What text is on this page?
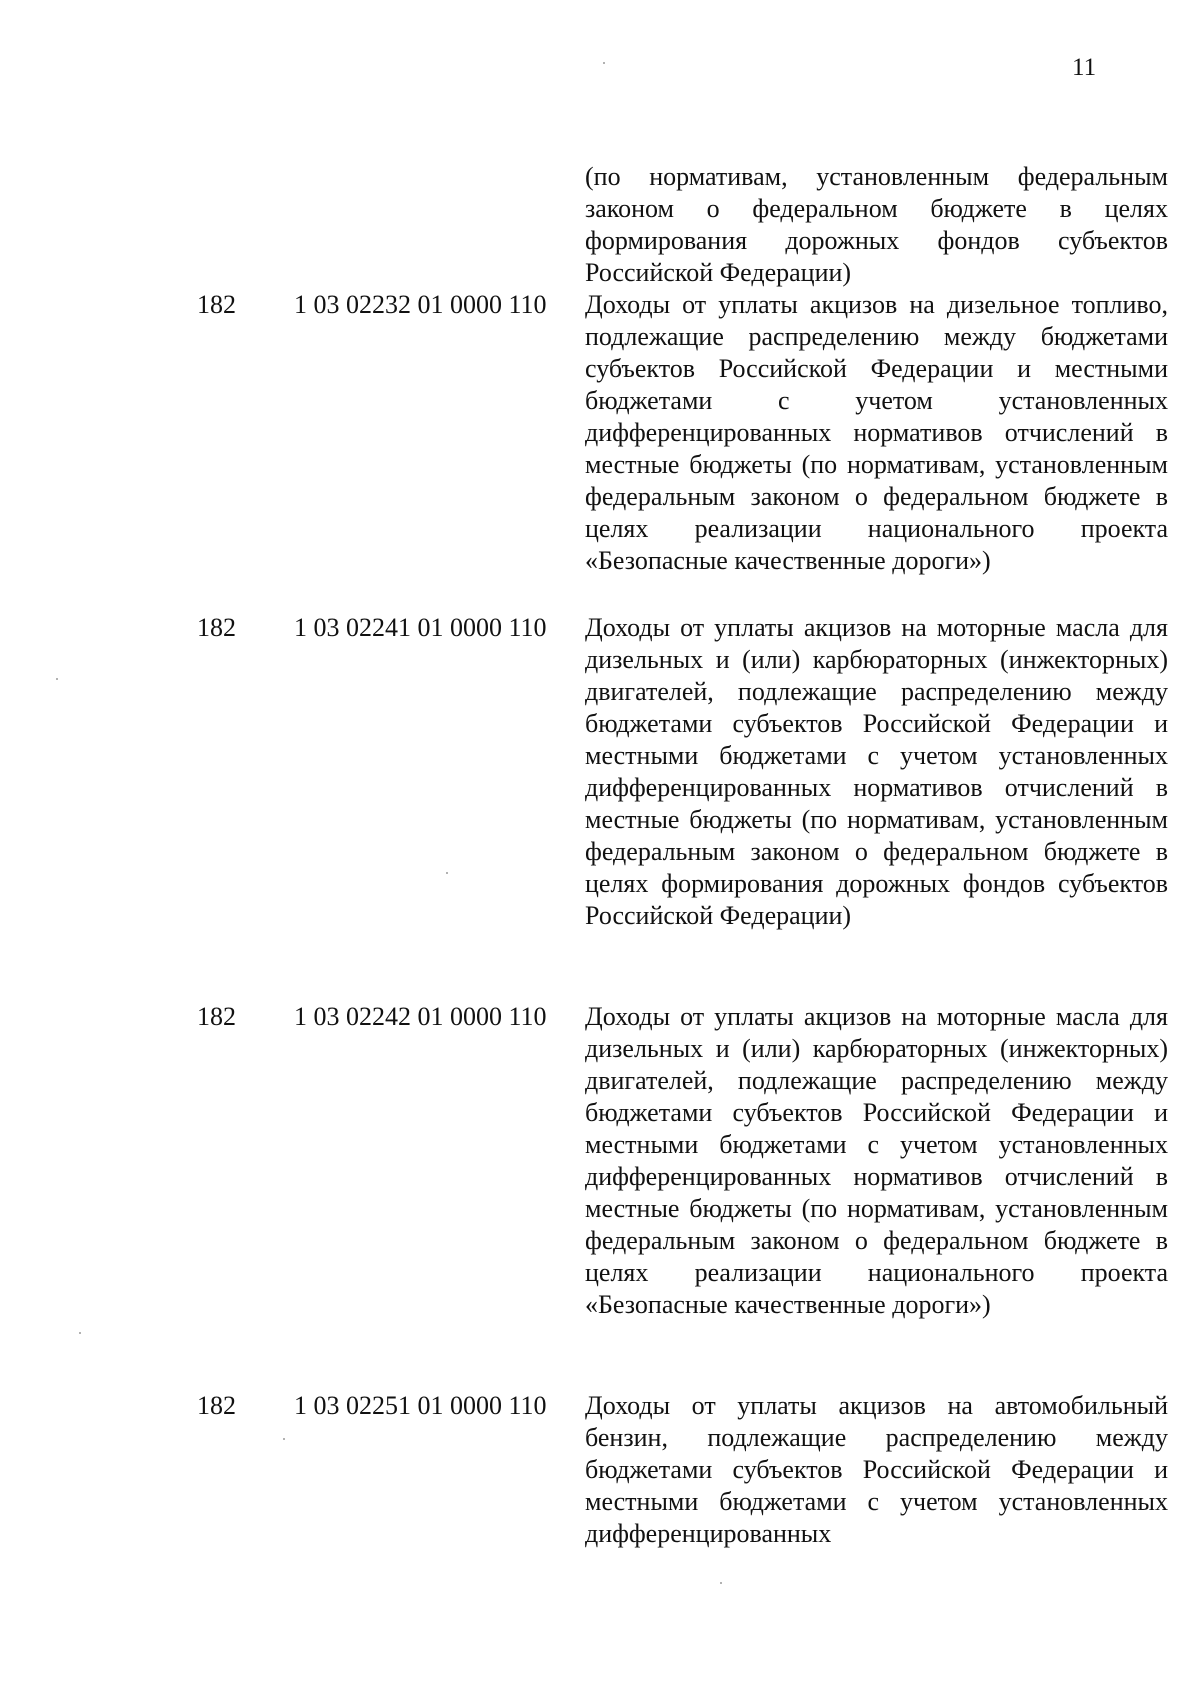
11
(по нормативам, установленным федеральным законом о федеральном бюджете в целях формирования дорожных фондов субъектов Российской Федерации)
182 1 03 02232 01 0000 110 Доходы от уплаты акцизов на дизельное топливо, подлежащие распределению между бюджетами субъектов Российской Федерации и местными бюджетами с учетом установленных дифференцированных нормативов отчислений в местные бюджеты (по нормативам, установленным федеральным законом о федеральном бюджете в целях реализации национального проекта «Безопасные качественные дороги»)
182 1 03 02241 01 0000 110 Доходы от уплаты акцизов на моторные масла для дизельных и (или) карбюраторных (инжекторных) двигателей, подлежащие распределению между бюджетами субъектов Российской Федерации и местными бюджетами с учетом установленных дифференцированных нормативов отчислений в местные бюджеты (по нормативам, установленным федеральным законом о федеральном бюджете в целях формирования дорожных фондов субъектов Российской Федерации)
182 1 03 02242 01 0000 110 Доходы от уплаты акцизов на моторные масла для дизельных и (или) карбюраторных (инжекторных) двигателей, подлежащие распределению между бюджетами субъектов Российской Федерации и местными бюджетами с учетом установленных дифференцированных нормативов отчислений в местные бюджеты (по нормативам, установленным федеральным законом о федеральном бюджете в целях реализации национального проекта «Безопасные качественные дороги»)
182 1 03 02251 01 0000 110 Доходы от уплаты акцизов на автомобильный бензин, подлежащие распределению между бюджетами субъектов Российской Федерации и местными бюджетами с учетом установленных дифференцированных
